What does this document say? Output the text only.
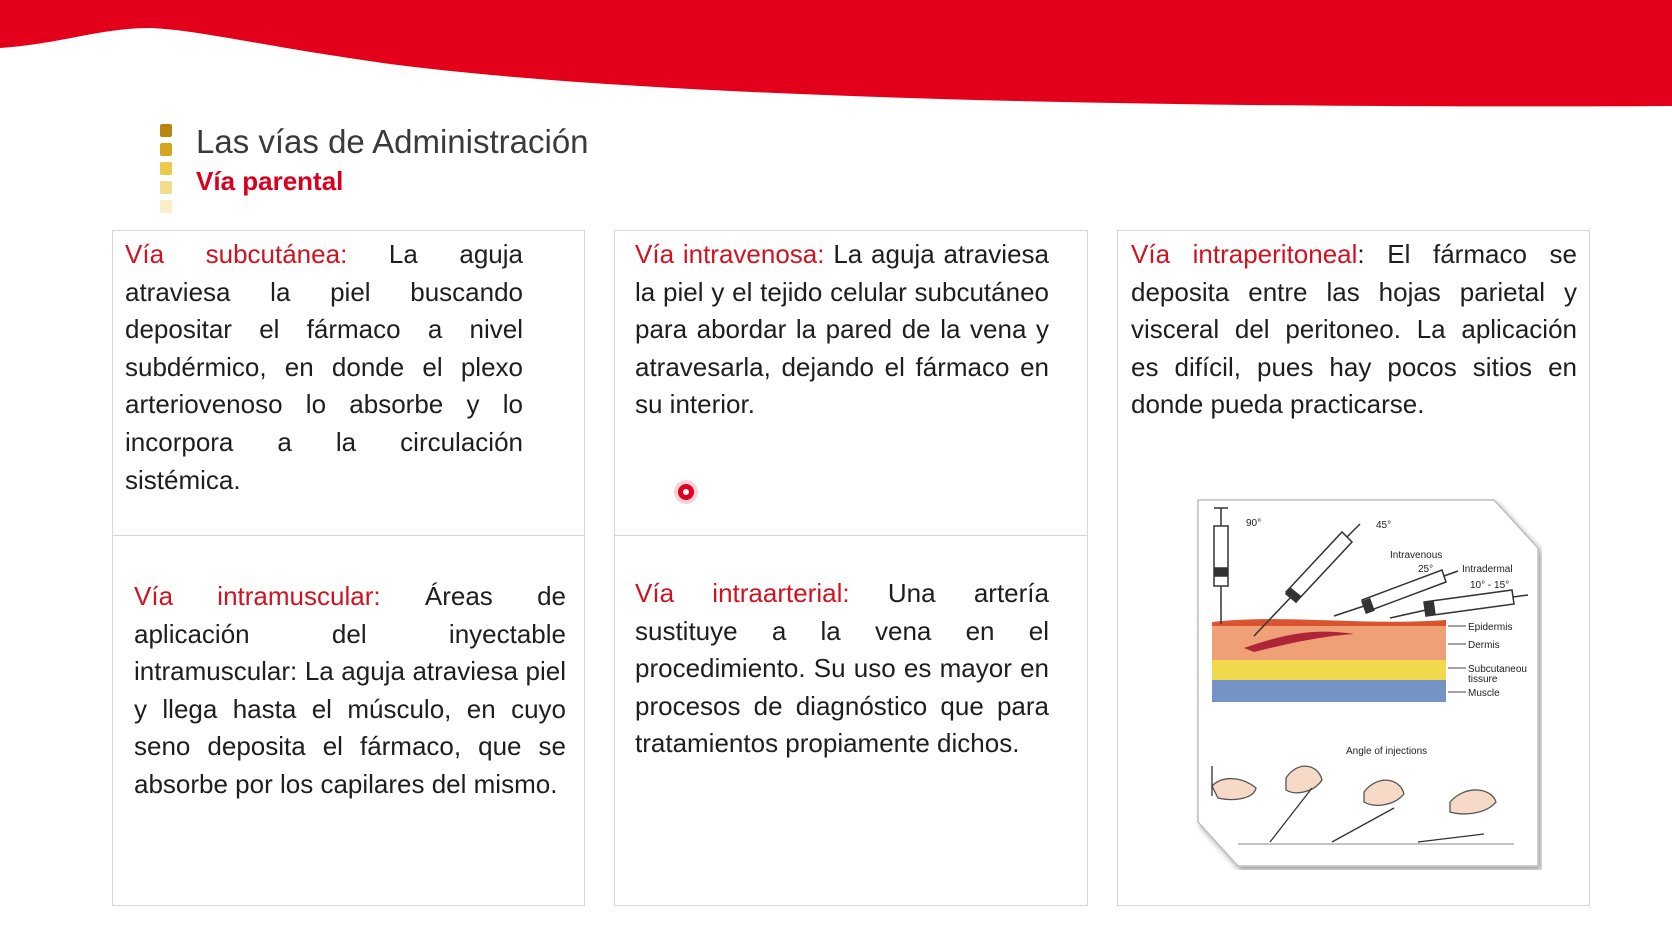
Las vías de Administración
Vía parental

Vía subcutánea: La aguja atraviesa la piel buscando depositar el fármaco a nivel subdérmico, en donde el plexo arteriovenoso lo absorbe y lo incorpora a la circulación sistémica.

Vía intramuscular: Áreas de aplicación del inyectable intramuscular: La aguja atraviesa piel y llega hasta el músculo, en cuyo seno deposita el fármaco, que se absorbe por los capilares del mismo.

Vía intravenosa: La aguja atraviesa la piel y el tejido celular subcutáneo para abordar la pared de la vena y atravesarla, dejando el fármaco en su interior.

Vía intraarterial: Una artería sustituye a la vena en el procedimiento. Su uso es mayor en procesos de diagnóstico que para tratamientos propiamente dichos.

Vía intraperitoneal: El fármaco se deposita entre las hojas parietal y visceral del peritoneo. La aplicación es difícil, pues hay pocos sitios en donde pueda practicarse.

90°	45°
Intravenous
25°	Intradermal
10° - 15°
Epidermis
Dermis
Subcutaneou
tissure
Muscle
Angle of injections
